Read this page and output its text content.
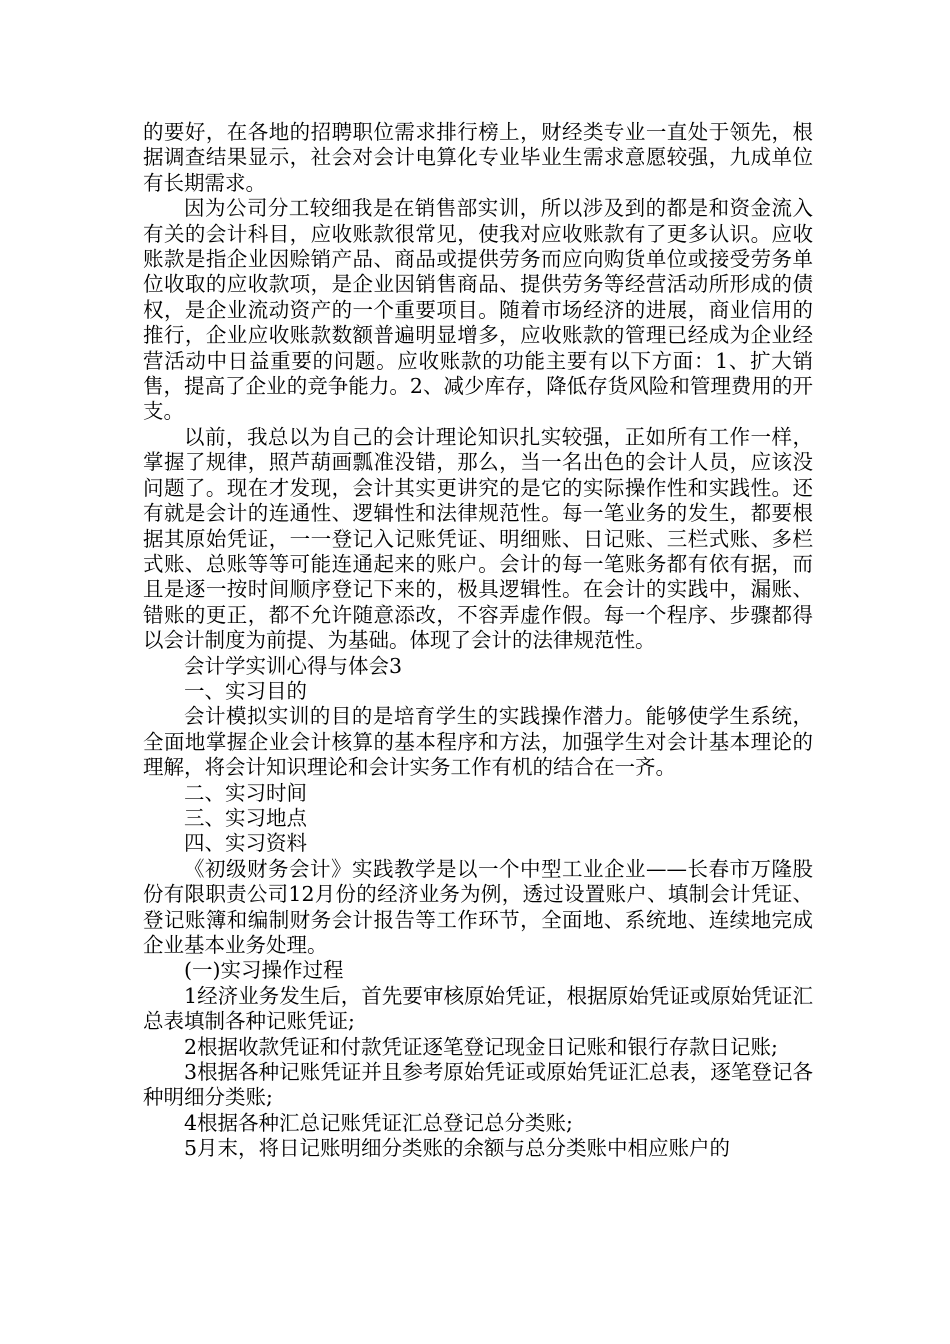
的要好，在各地的招聘职位需求排行榜上，财经类专业一直处于领先，根据调查结果显示，社会对会计电算化专业毕业生需求意愿较强，九成单位有长期需求。

因为公司分工较细我是在销售部实训，所以涉及到的都是和资金流入有关的会计科目，应收账款很常见，使我对应收账款有了更多认识。应收账款是指企业因赊销产品、商品或提供劳务而应向购货单位或接受劳务单位收取的应收款项，是企业因销售商品、提供劳务等经营活动所形成的债权，是企业流动资产的一个重要项目。随着市场经济的进展，商业信用的推行，企业应收账款数额普遍明显增多，应收账款的管理已经成为企业经营活动中日益重要的问题。应收账款的功能主要有以下方面：1、扩大销售，提高了企业的竞争能力。2、减少库存，降低存货风险和管理费用的开支。

以前，我总以为自己的会计理论知识扎实较强，正如所有工作一样，掌握了规律，照芦葫画瓢准没错，那么，当一名出色的会计人员，应该没问题了。现在才发现，会计其实更讲究的是它的实际操作性和实践性。还有就是会计的连通性、逻辑性和法律规范性。每一笔业务的发生，都要根据其原始凭证，一一登记入记账凭证、明细账、日记账、三栏式账、多栏式账、总账等等可能连通起来的账户。会计的每一笔账务都有依有据，而且是逐一按时间顺序登记下来的，极具逻辑性。在会计的实践中，漏账、错账的更正，都不允许随意添改，不容弄虚作假。每一个程序、步骤都得以会计制度为前提、为基础。体现了会计的法律规范性。

会计学实训心得与体会3

一、实习目的

会计模拟实训的目的是培育学生的实践操作潜力。能够使学生系统，全面地掌握企业会计核算的基本程序和方法，加强学生对会计基本理论的理解，将会计知识理论和会计实务工作有机的结合在一齐。

二、实习时间

三、实习地点

四、实习资料

《初级财务会计》实践教学是以一个中型工业企业——长春市万隆股份有限职责公司12月份的经济业务为例，透过设置账户、填制会计凭证、登记账簿和编制财务会计报告等工作环节，全面地、系统地、连续地完成企业基本业务处理。

(一)实习操作过程

1经济业务发生后，首先要审核原始凭证，根据原始凭证或原始凭证汇总表填制各种记账凭证;

2根据收款凭证和付款凭证逐笔登记现金日记账和银行存款日记账;

3根据各种记账凭证并且参考原始凭证或原始凭证汇总表，逐笔登记各种明细分类账;

4根据各种汇总记账凭证汇总登记总分类账;

5月末，将日记账明细分类账的余额与总分类账中相应账户的
